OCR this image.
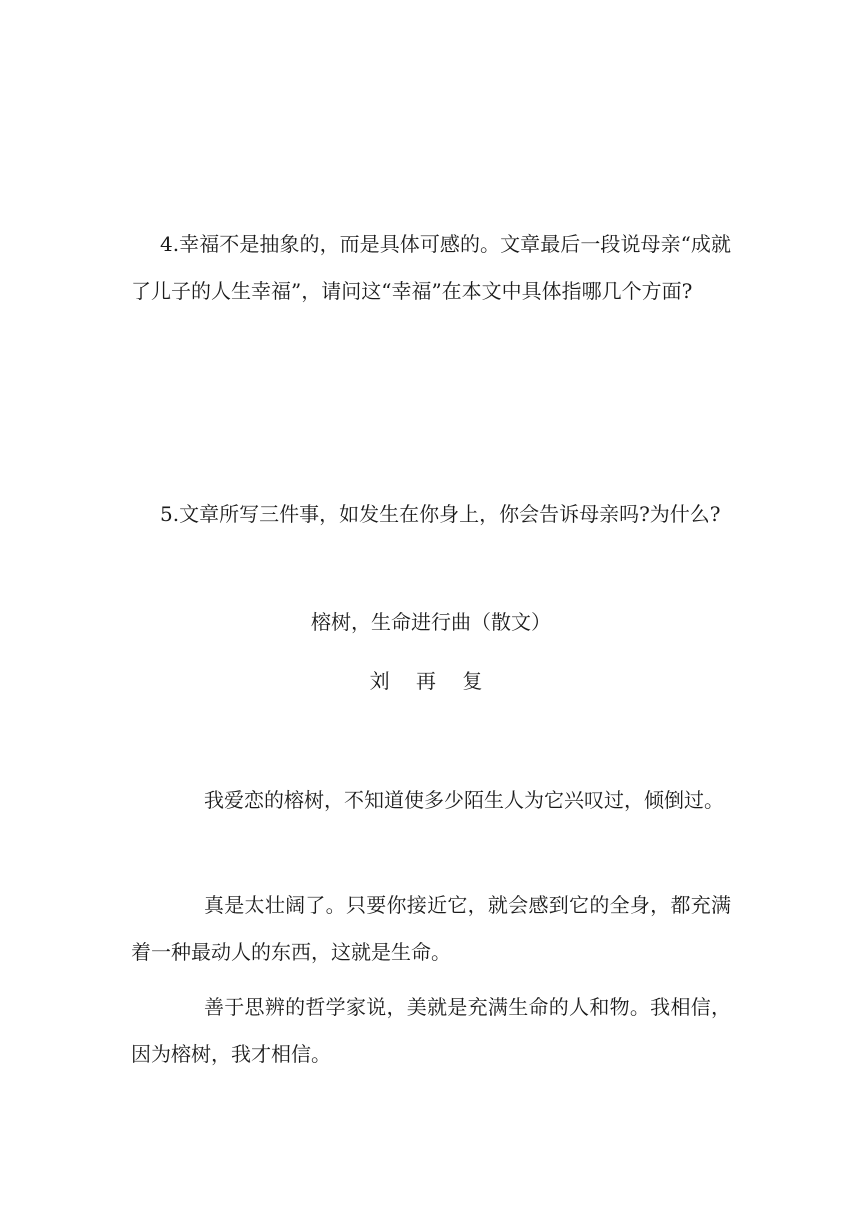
4.幸福不是抽象的，而是具体可感的。文章最后一段说母亲“成就了儿子的人生幸福”，请问这“幸福”在本文中具体指哪几个方面?

5.文章所写三件事，如发生在你身上，你会告诉母亲吗?为什么?

榕树，生命进行曲（散文）

刘 再 复

我爱恋的榕树，不知道使多少陌生人为它兴叹过，倾倒过。

真是太壮阔了。只要你接近它，就会感到它的全身，都充满着一种最动人的东西，这就是生命。

善于思辨的哲学家说，美就是充满生命的人和物。我相信，因为榕树，我才相信。
